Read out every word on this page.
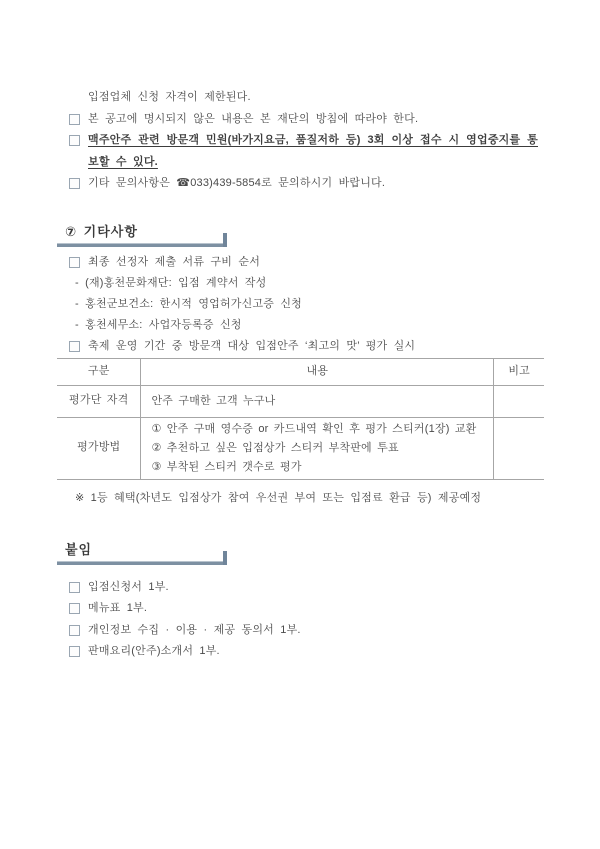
입점업체 신청 자격이 제한된다.
본 공고에 명시되지 않은 내용은 본 재단의 방침에 따라야 한다.
맥주안주 관련 방문객 민원(바가지요금, 품질저하 등) 3회 이상 접수 시 영업중지를 통보할 수 있다.
기타 문의사항은 ☎033)439-5854로 문의하시기 바랍니다.
⑦ 기타사항
최종 선정자 제출 서류 구비 순서
- (재)홍천문화재단: 입점 계약서 작성
- 홍천군보건소: 한시적 영업허가신고증 신청
- 홍천세무소: 사업자등록증 신청
축제 운영 기간 중 방문객 대상 입점안주 ‘최고의 맛’ 평가 실시
구분	내용	비고
평가단 자격	안주 구매한 고객 누구나	

평가방법	① 안주 구매 영수증 or 카드내역 확인 후 평가 스티커(1장) 교환
② 추천하고 싶은 입점상가 스티커 부착판에 투표
③ 부착된 스티커 갯수로 평가	

※ 1등 혜택(차년도 입점상가 참여 우선권 부여 또는 입점료 환급 등) 제공예정
붙임
입점신청서 1부.
메뉴표 1부.
개인정보 수집 · 이용 · 제공 동의서 1부.
판매요리(안주)소개서 1부.
